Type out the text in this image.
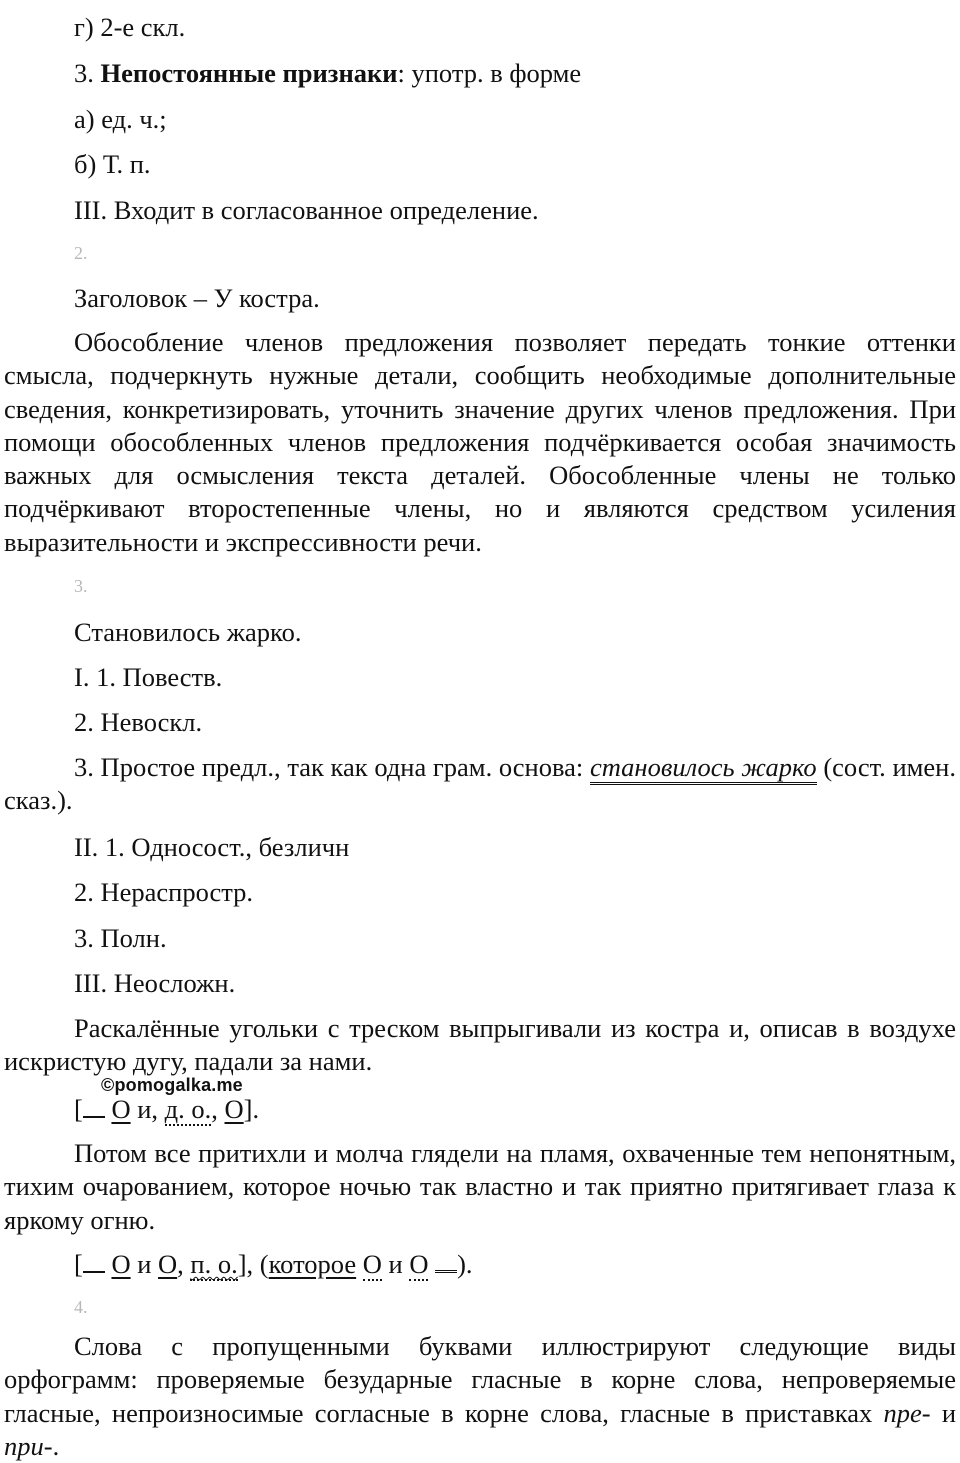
г) 2-е скл.
3. Непостоянные признаки: употр. в форме
а) ед. ч.;
б) Т. п.
III. Входит в согласованное определение.
2.
Заголовок – У костра.
Обособление членов предложения позволяет передать тонкие оттенки смысла, подчеркнуть нужные детали, сообщить необходимые дополнительные сведения, конкретизировать, уточнить значение других членов предложения. При помощи обособленных членов предложения подчёркивается особая значимость важных для осмысления текста деталей. Обособленные члены не только подчёркивают второстепенные члены, но и являются средством усиления выразительности и экспрессивности речи.
3.
Становилось жарко.
I. 1. Повеств.
2. Невоскл.
3. Простое предл., так как одна грам. основа: становилось жарко (сост. имен. сказ.).
II. 1. Односост., безличн
2. Нераспростр.
3. Полн.
III. Неосложн.
Раскалённые угольки с треском выпрыгивали из костра и, описав в воздухе искристую дугу, падали за нами.
©pomogalka.me
[ О и, д. о., О].
Потом все притихли и молча глядели на пламя, охваченные тем непонятным, тихим очарованием, которое ночью так властно и так приятно притягивает глаза к яркому огню.
[ О и О, п. о.], (которое О и О ).
4.
Слова с пропущенными буквами иллюстрируют следующие виды орфограмм: проверяемые безударные гласные в корне слова, непроверяемые гласные, непроизносимые согласные в корне слова, гласные в приставках пре- и при-.
